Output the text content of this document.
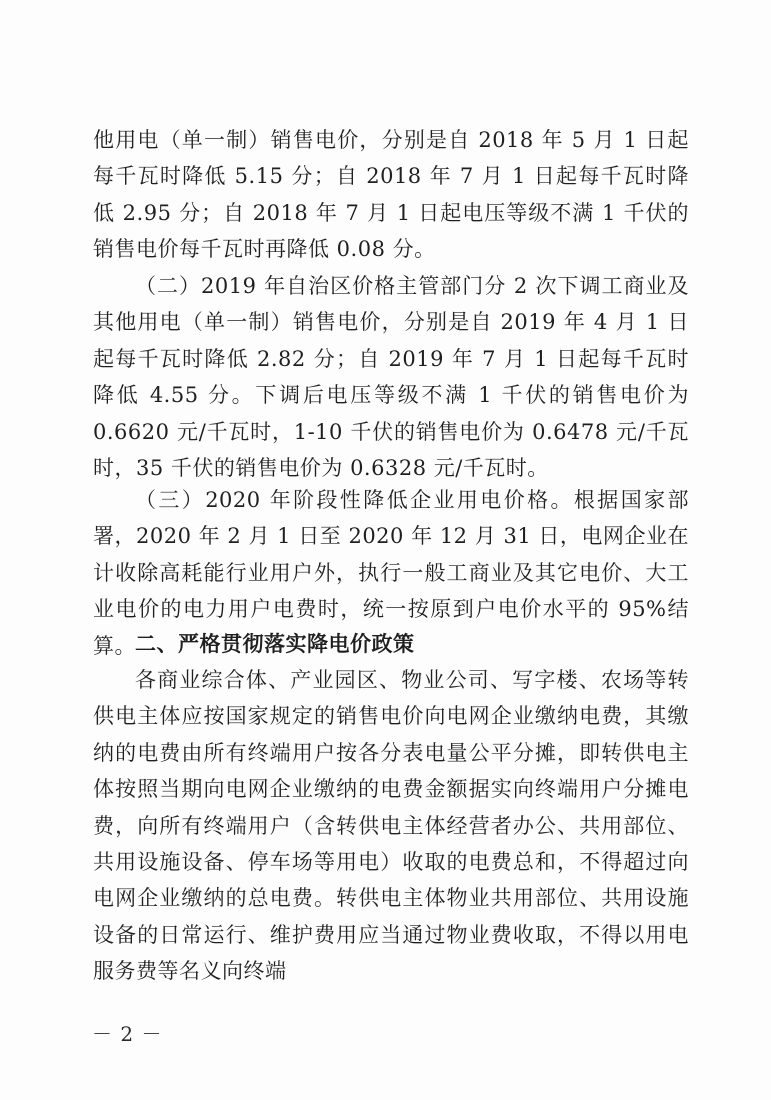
他用电（单一制）销售电价，分别是自 2018 年 5 月 1 日起每千瓦时降低 5.15 分；自 2018 年 7 月 1 日起每千瓦时降低 2.95 分；自 2018 年 7 月 1 日起电压等级不满 1 千伏的销售电价每千瓦时再降低 0.08 分。

（二）2019 年自治区价格主管部门分 2 次下调工商业及其他用电（单一制）销售电价，分别是自 2019 年 4 月 1 日起每千瓦时降低 2.82 分；自 2019 年 7 月 1 日起每千瓦时降低 4.55 分。下调后电压等级不满 1 千伏的销售电价为 0.6620 元/千瓦时，1-10 千伏的销售电价为 0.6478 元/千瓦时，35 千伏的销售电价为 0.6328 元/千瓦时。

（三）2020 年阶段性降低企业用电价格。根据国家部署，2020 年 2 月 1 日至 2020 年 12 月 31 日，电网企业在计收除高耗能行业用户外，执行一般工商业及其它电价、大工业电价的电力用户电费时，统一按原到户电价水平的 95%结算。 二、严格贯彻落实降电价政策

各商业综合体、产业园区、物业公司、写字楼、农场等转供电主体应按国家规定的销售电价向电网企业缴纳电费，其缴纳的电费由所有终端用户按各分表电量公平分摊，即转供电主体按照当期向电网企业缴纳的电费金额据实向终端用户分摊电费，向所有终端用户（含转供电主体经营者办公、共用部位、共用设施设备、停车场等用电）收取的电费总和，不得超过向电网企业缴纳的总电费。转供电主体物业共用部位、共用设施设备的日常运行、维护费用应当通过物业费收取，不得以用电服务费等名义向终端

－ 2 －
